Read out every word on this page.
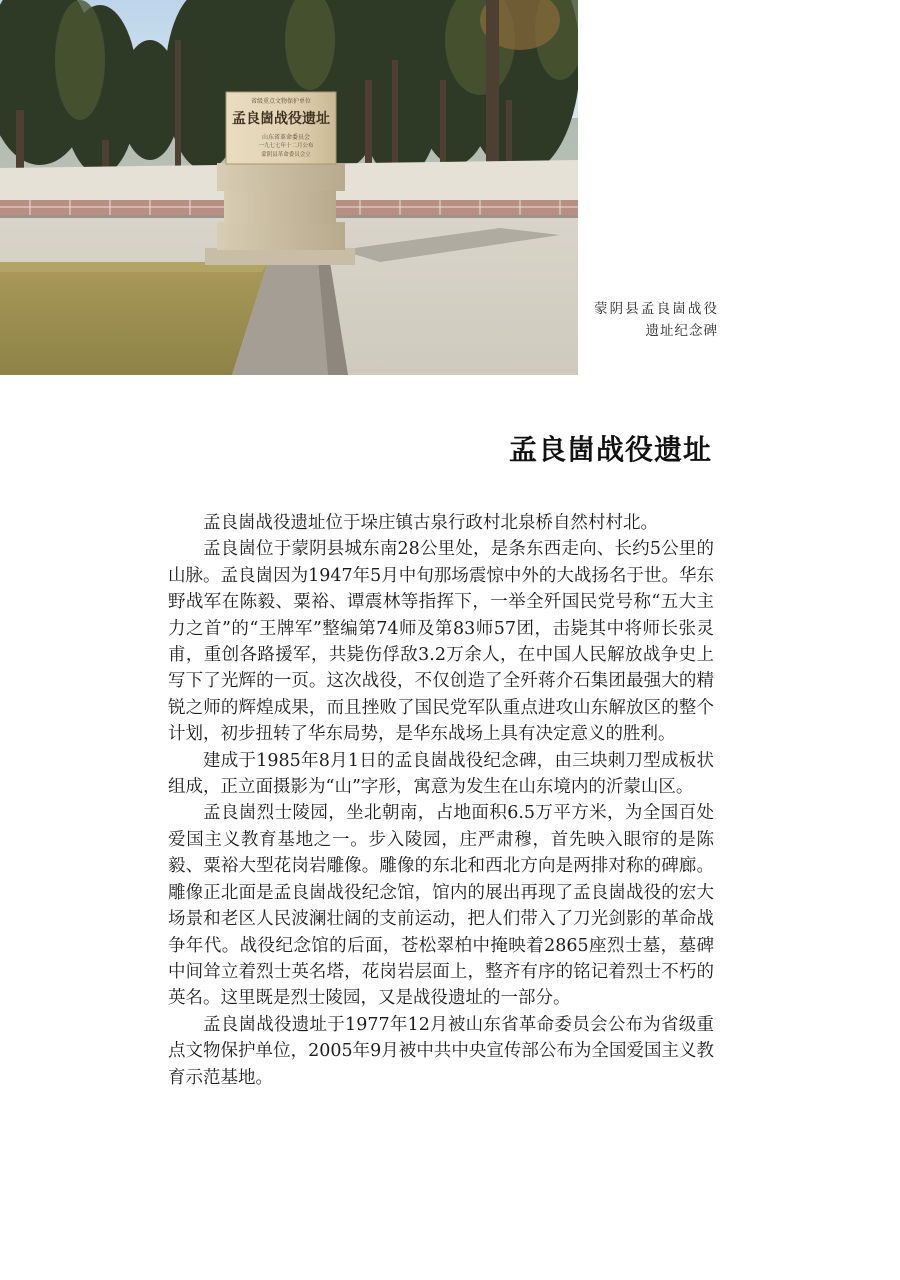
省级重点文物保护单位
孟良崮战役遗址
山东省革命委员会
一九七七年十二月公布
蒙阴县革命委员会立
蒙阴县孟良崮战役遗址纪念碑
孟良崮战役遗址

孟良崮战役遗址位于垛庄镇古泉行政村北泉桥自然村村北。

孟良崮位于蒙阴县城东南28公里处，是条东西走向、长约5公里的山脉。孟良崮因为1947年5月中旬那场震惊中外的大战扬名于世。华东野战军在陈毅、粟裕、谭震林等指挥下，一举全歼国民党号称“五大主力之首”的“王牌军”整编第74师及第83师57团，击毙其中将师长张灵甫，重创各路援军，共毙伤俘敌3.2万余人，在中国人民解放战争史上写下了光辉的一页。这次战役，不仅创造了全歼蒋介石集团最强大的精锐之师的辉煌成果，而且挫败了国民党军队重点进攻山东解放区的整个计划，初步扭转了华东局势，是华东战场上具有决定意义的胜利。

建成于1985年8月1日的孟良崮战役纪念碑，由三块刺刀型成板状组成，正立面摄影为“山”字形，寓意为发生在山东境内的沂蒙山区。

孟良崮烈士陵园，坐北朝南，占地面积6.5万平方米，为全国百处爱国主义教育基地之一。步入陵园，庄严肃穆，首先映入眼帘的是陈毅、粟裕大型花岗岩雕像。雕像的东北和西北方向是两排对称的碑廊。雕像正北面是孟良崮战役纪念馆，馆内的展出再现了孟良崮战役的宏大场景和老区人民波澜壮阔的支前运动，把人们带入了刀光剑影的革命战争年代。战役纪念馆的后面，苍松翠柏中掩映着2865座烈士墓，墓碑中间耸立着烈士英名塔，花岗岩层面上，整齐有序的铭记着烈士不朽的英名。这里既是烈士陵园，又是战役遗址的一部分。

孟良崮战役遗址于1977年12月被山东省革命委员会公布为省级重点文物保护单位，2005年9月被中共中央宣传部公布为全国爱国主义教育示范基地。
